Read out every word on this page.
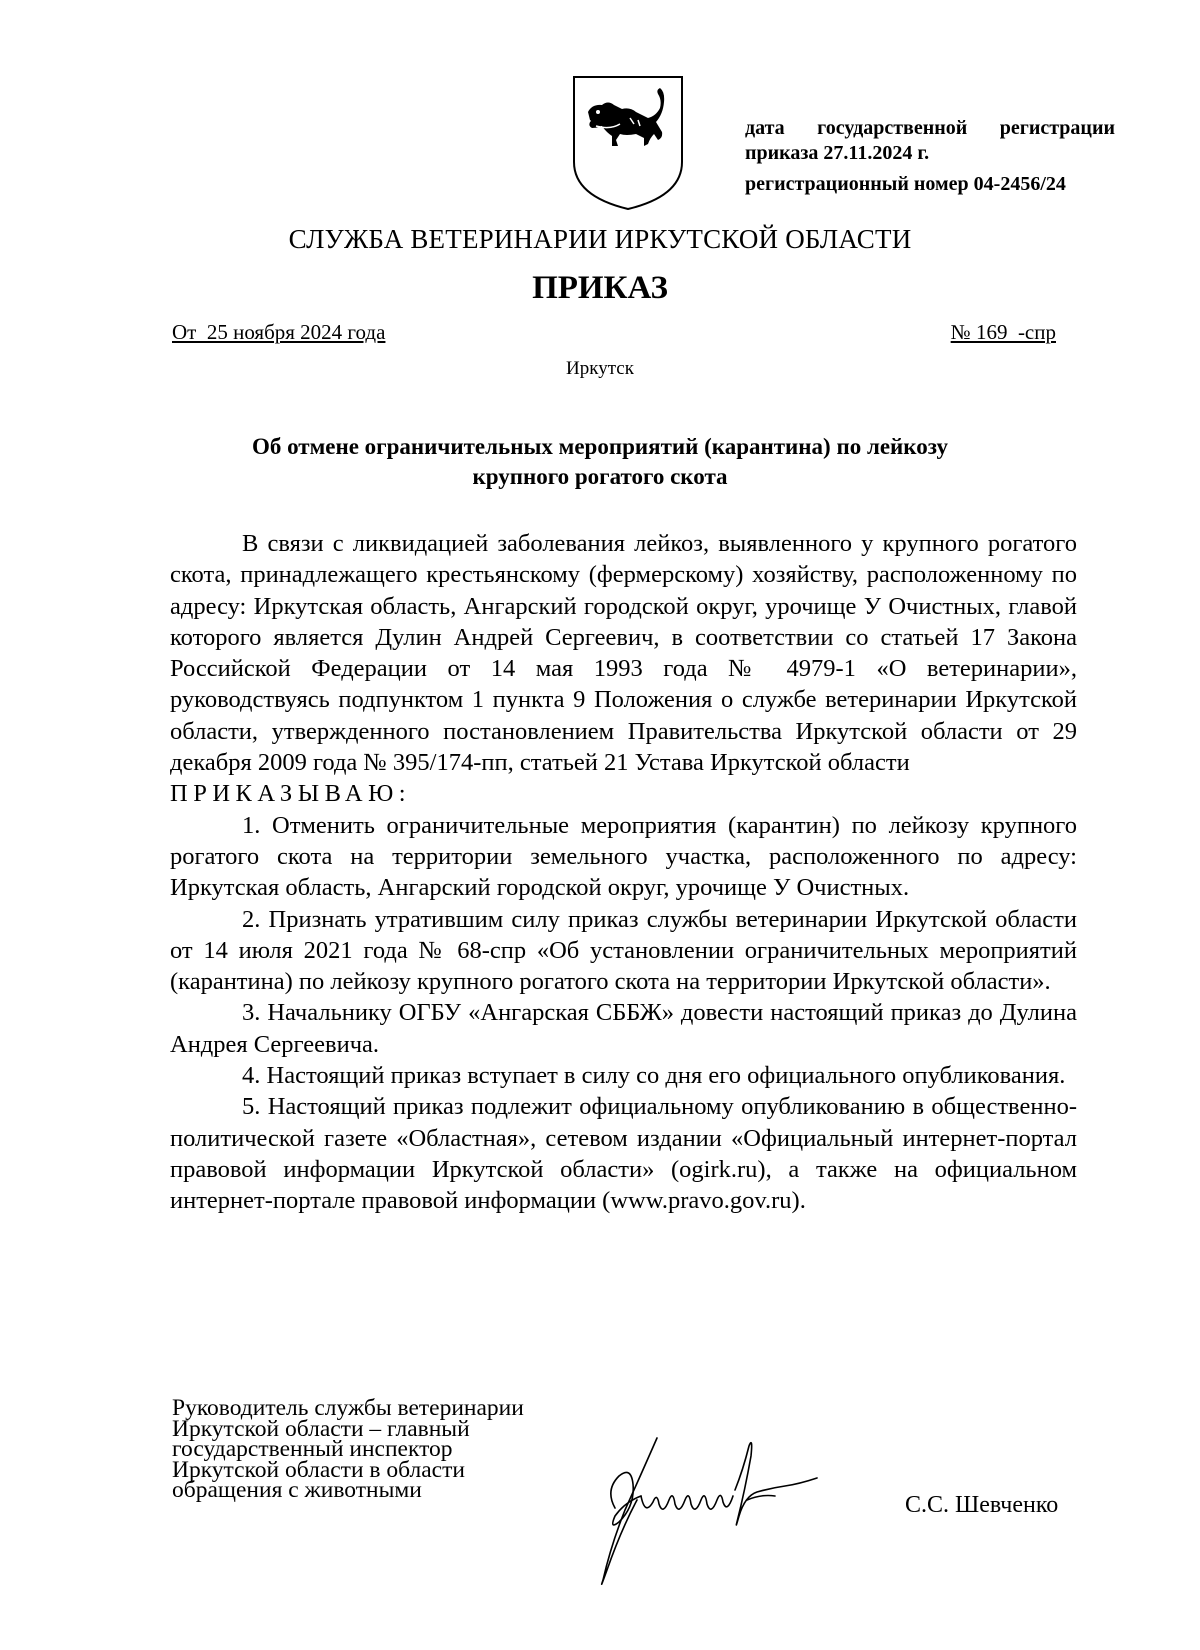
дата государственной регистрации
приказа 27.11.2024 г.
регистрационный номер 04-2456/24
СЛУЖБА ВЕТЕРИНАРИИ ИРКУТСКОЙ ОБЛАСТИ
ПРИКАЗ
От  25 ноября 2024 года	№ 169  -спр
Иркутск
Об отмене ограничительных мероприятий (карантина) по лейкозу
крупного рогатого скота

В связи с ликвидацией заболевания лейкоз, выявленного у крупного рогатого скота, принадлежащего крестьянскому (фермерскому) хозяйству, расположенному по адресу: Иркутская область, Ангарский городской округ, урочище У Очистных, главой которого является Дулин Андрей Сергеевич, в соответствии со статьей 17 Закона Российской Федерации от 14 мая 1993 года № 4979-1 «О ветеринарии», руководствуясь подпунктом 1 пункта 9 Положения о службе ветеринарии Иркутской области, утвержденного постановлением Правительства Иркутской области от 29 декабря 2009 года № 395/174-пп, статьей 21 Устава Иркутской области

ПРИКАЗЫВАЮ:

1. Отменить ограничительные мероприятия (карантин) по лейкозу крупного рогатого скота на территории земельного участка, расположенного по адресу: Иркутская область, Ангарский городской округ, урочище У Очистных.

2. Признать утратившим силу приказ службы ветеринарии Иркутской области от 14 июля 2021 года № 68-спр «Об установлении ограничительных мероприятий (карантина) по лейкозу крупного рогатого скота на территории Иркутской области».

3. Начальнику ОГБУ «Ангарская СББЖ» довести настоящий приказ до Дулина Андрея Сергеевича.

4. Настоящий приказ вступает в силу со дня его официального опубликования.

5. Настоящий приказ подлежит официальному опубликованию в общественно-политической газете «Областная», сетевом издании «Официальный интернет-портал правовой информации Иркутской области» (ogirk.ru), а также на официальном интернет-портале правовой информации (www.pravo.gov.ru).

Руководитель службы ветеринарии
Иркутской области – главный
государственный инспектор
Иркутской области в области
обращения с животными
С.С. Шевченко
